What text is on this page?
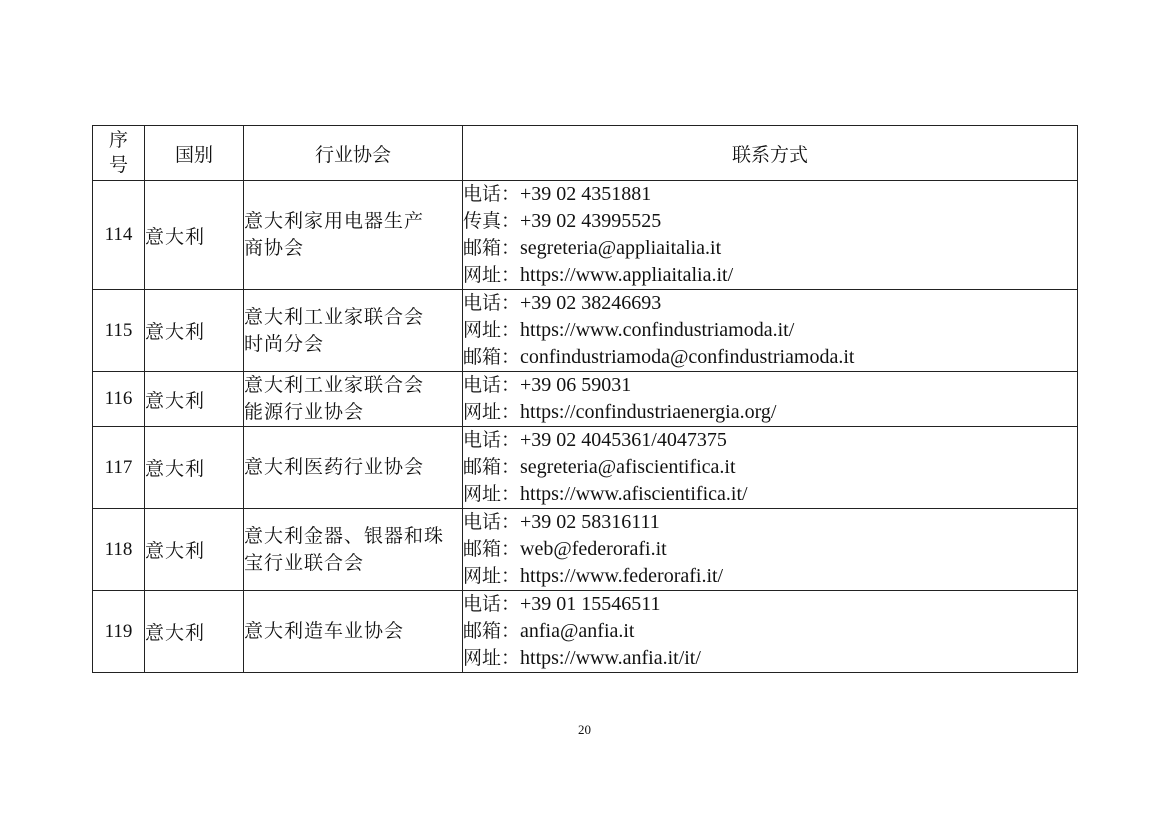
序
号	国别	行业协会	联系方式
114	意大利	意大利家用电器生产
商协会	电话：+39 02 4351881
传真：+39 02 43995525
邮箱：segreteria@appliaitalia.it
网址：https://www.appliaitalia.it/

115	意大利	意大利工业家联合会
时尚分会	电话：+39 02 38246693
网址：https://www.confindustriamoda.it/
邮箱：confindustriamoda@confindustriamoda.it

116	意大利	意大利工业家联合会
能源行业协会	电话：+39 06 59031
网址：https://confindustriaenergia.org/

117	意大利	意大利医药行业协会	电话：+39 02 4045361/4047375
邮箱：segreteria@afiscientifica.it
网址：https://www.afiscientifica.it/

118	意大利	意大利金器、银器和珠
宝行业联合会	电话：+39 02 58316111
邮箱：web@federorafi.it
网址：https://www.federorafi.it/

119	意大利	意大利造车业协会	电话：+39 01 15546511
邮箱：anfia@anfia.it
网址：https://www.anfia.it/it/
20
